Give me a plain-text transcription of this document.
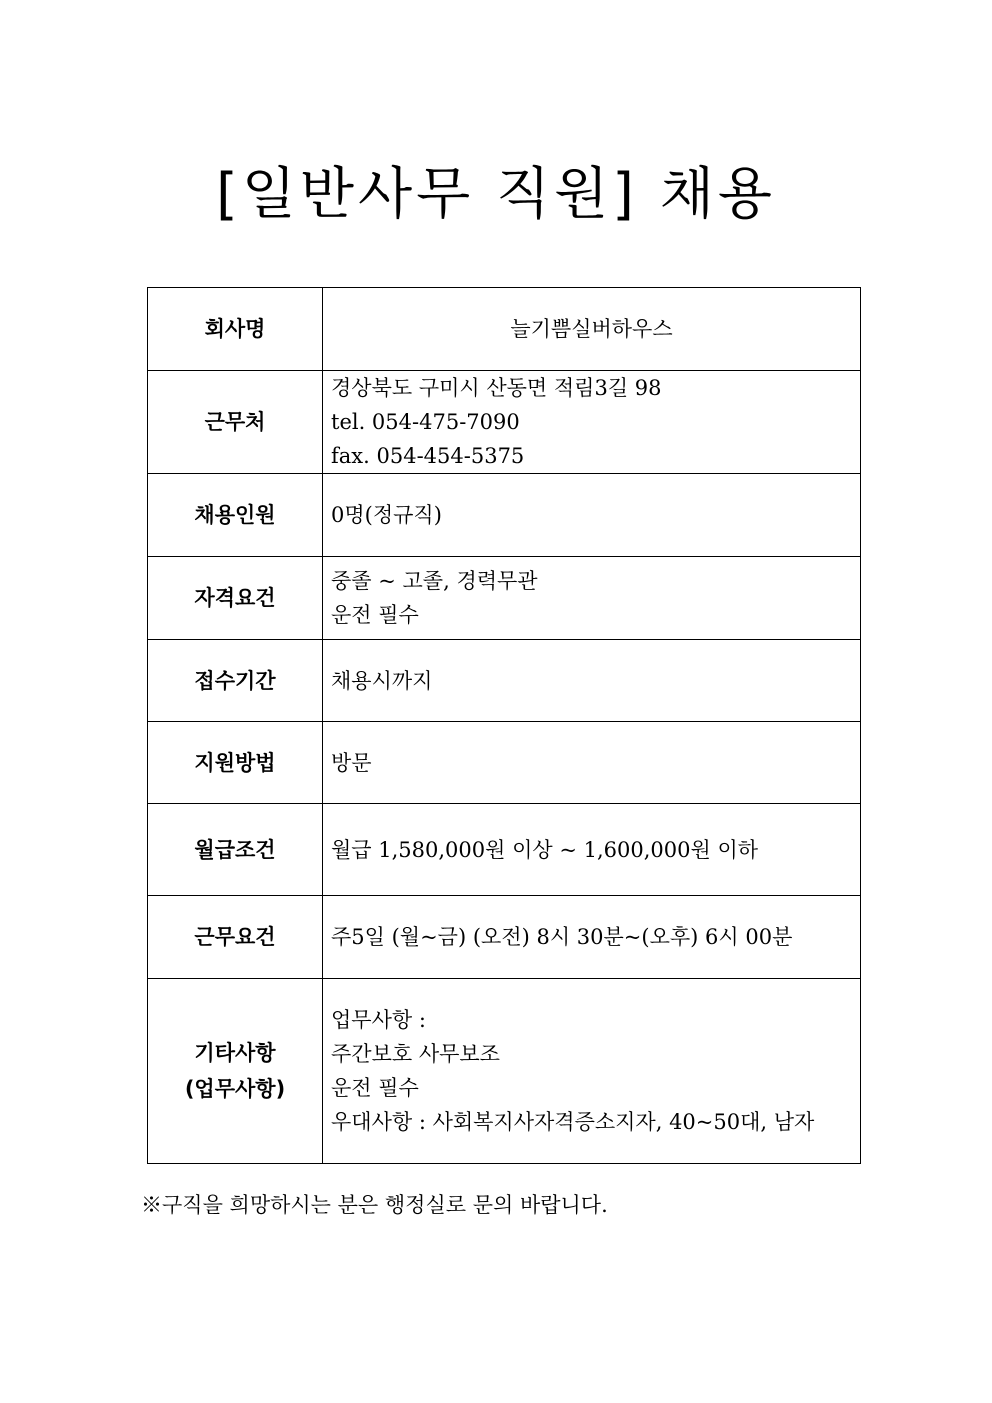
[일반사무 직원] 채용
회사명	늘기쁨실버하우스

근무처	경상북도 구미시 산동면 적림3길 98
tel. 054-475-7090
fax. 054-454-5375

채용인원	0명(정규직)

자격요건	중졸 ~ 고졸, 경력무관
운전 필수

접수기간	채용시까지

지원방법	방문

월급조건	월급 1,580,000원 이상 ~ 1,600,000원 이하

근무요건	주5일 (월~금) (오전) 8시 30분~(오후) 6시 00분

기타사항
(업무사항)	업무사항 :
주간보호 사무보조
운전 필수
우대사항 : 사회복지사자격증소지자, 40~50대, 남자
※구직을 희망하시는 분은 행정실로 문의 바랍니다.
